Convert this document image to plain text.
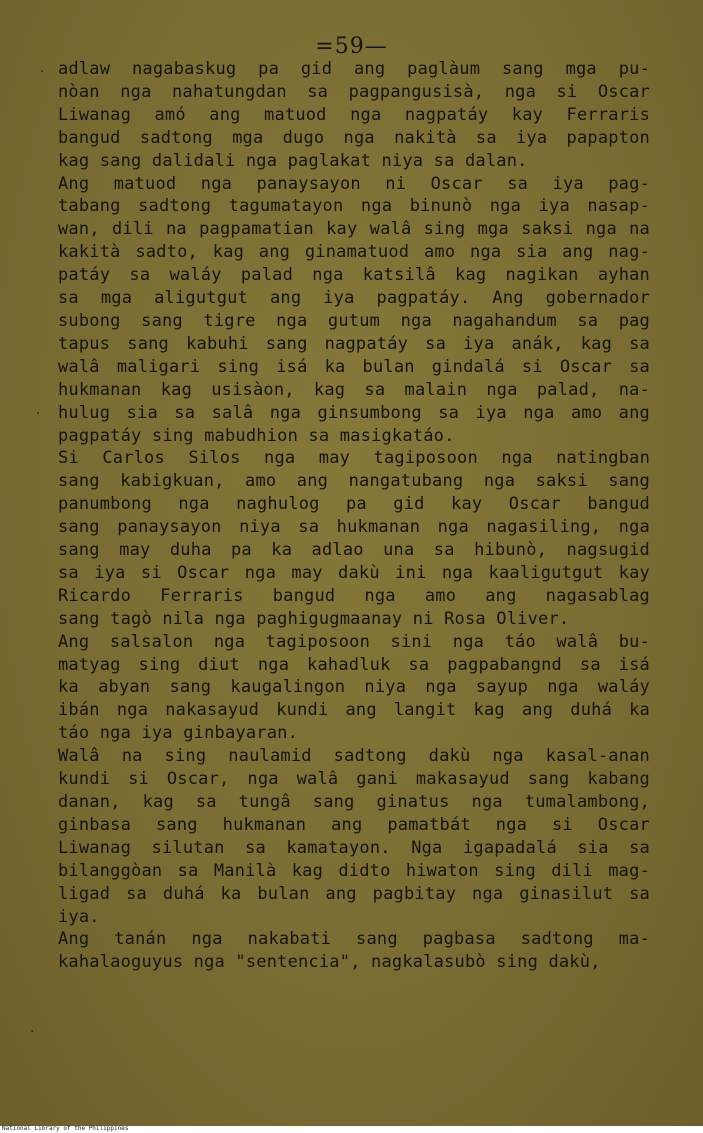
=59—
adlaw nagabaskug pa gid ang paglàum sang mga pu-
nòan nga nahatungdan sa pagpangusisà, nga si Oscar
Liwanag amó ang matuod nga nagpatáy kay Ferraris
bangud sadtong mga dugo nga nakità sa iya papapton
kag sang dalidali nga paglakat niya sa dalan.
Ang matuod nga panaysayon ni Oscar sa iya pag-
tabang sadtong tagumatayon nga binunò nga iya nasap-
wan, dili na pagpamatian kay walâ sing mga saksi nga na
kakità sadto, kag ang ginamatuod amo nga sia ang nag-
patáy sa waláy palad nga katsilâ kag nagikan ayhan
sa mga aligutgut ang iya pagpatáy. Ang gobernador
subong sang tigre nga gutum nga nagahandum sa pag
tapus sang kabuhi sang nagpatáy sa iya anák, kag sa
walâ maligari sing isá ka bulan gindalá si Oscar sa
hukmanan kag usisàon, kag sa malain nga palad, na-
hulug sia sa salâ nga ginsumbong sa iya nga amo ang
pagpatáy sing mabudhion sa masigkatáo.
Si Carlos Silos nga may tagiposoon nga natingban
sang kabigkuan, amo ang nangatubang nga saksi sang
panumbong nga naghulog pa gid kay Oscar bangud
sang panaysayon niya sa hukmanan nga nagasiling, nga
sang may duha pa ka adlao una sa hibunò, nagsugid
sa iya si Oscar nga may dakù ini nga kaaligutgut kay
Ricardo Ferraris bangud nga amo ang nagasablag
sang tagò nila nga paghigugmaanay ni Rosa Oliver.
Ang salsalon nga tagiposoon sini nga táo walâ bu-
matyag sing diut nga kahadluk sa pagpabangnd sa isá
ka abyan sang kaugalingon niya nga sayup nga waláy
ibán nga nakasayud kundi ang langit kag ang duhá ka
táo nga iya ginbayaran.
Walâ na sing naulamid sadtong dakù nga kasal-anan
kundi si Oscar, nga walâ gani makasayud sang kabang
danan, kag sa tungâ sang ginatus nga tumalambong,
ginbasa sang hukmanan ang pamatbát nga si Oscar
Liwanag silutan sa kamatayon. Nga igapadalá sia sa
bilanggòan sa Manilà kag didto hiwaton sing dili mag-
ligad sa duhá ka bulan ang pagbitay nga ginasilut sa
iya.
Ang tanán nga nakabati sang pagbasa sadtong ma-
kahalaoguyus nga "sentencia", nagkalasubò sing dakù,
·
·
·
National Library of the Philippines
